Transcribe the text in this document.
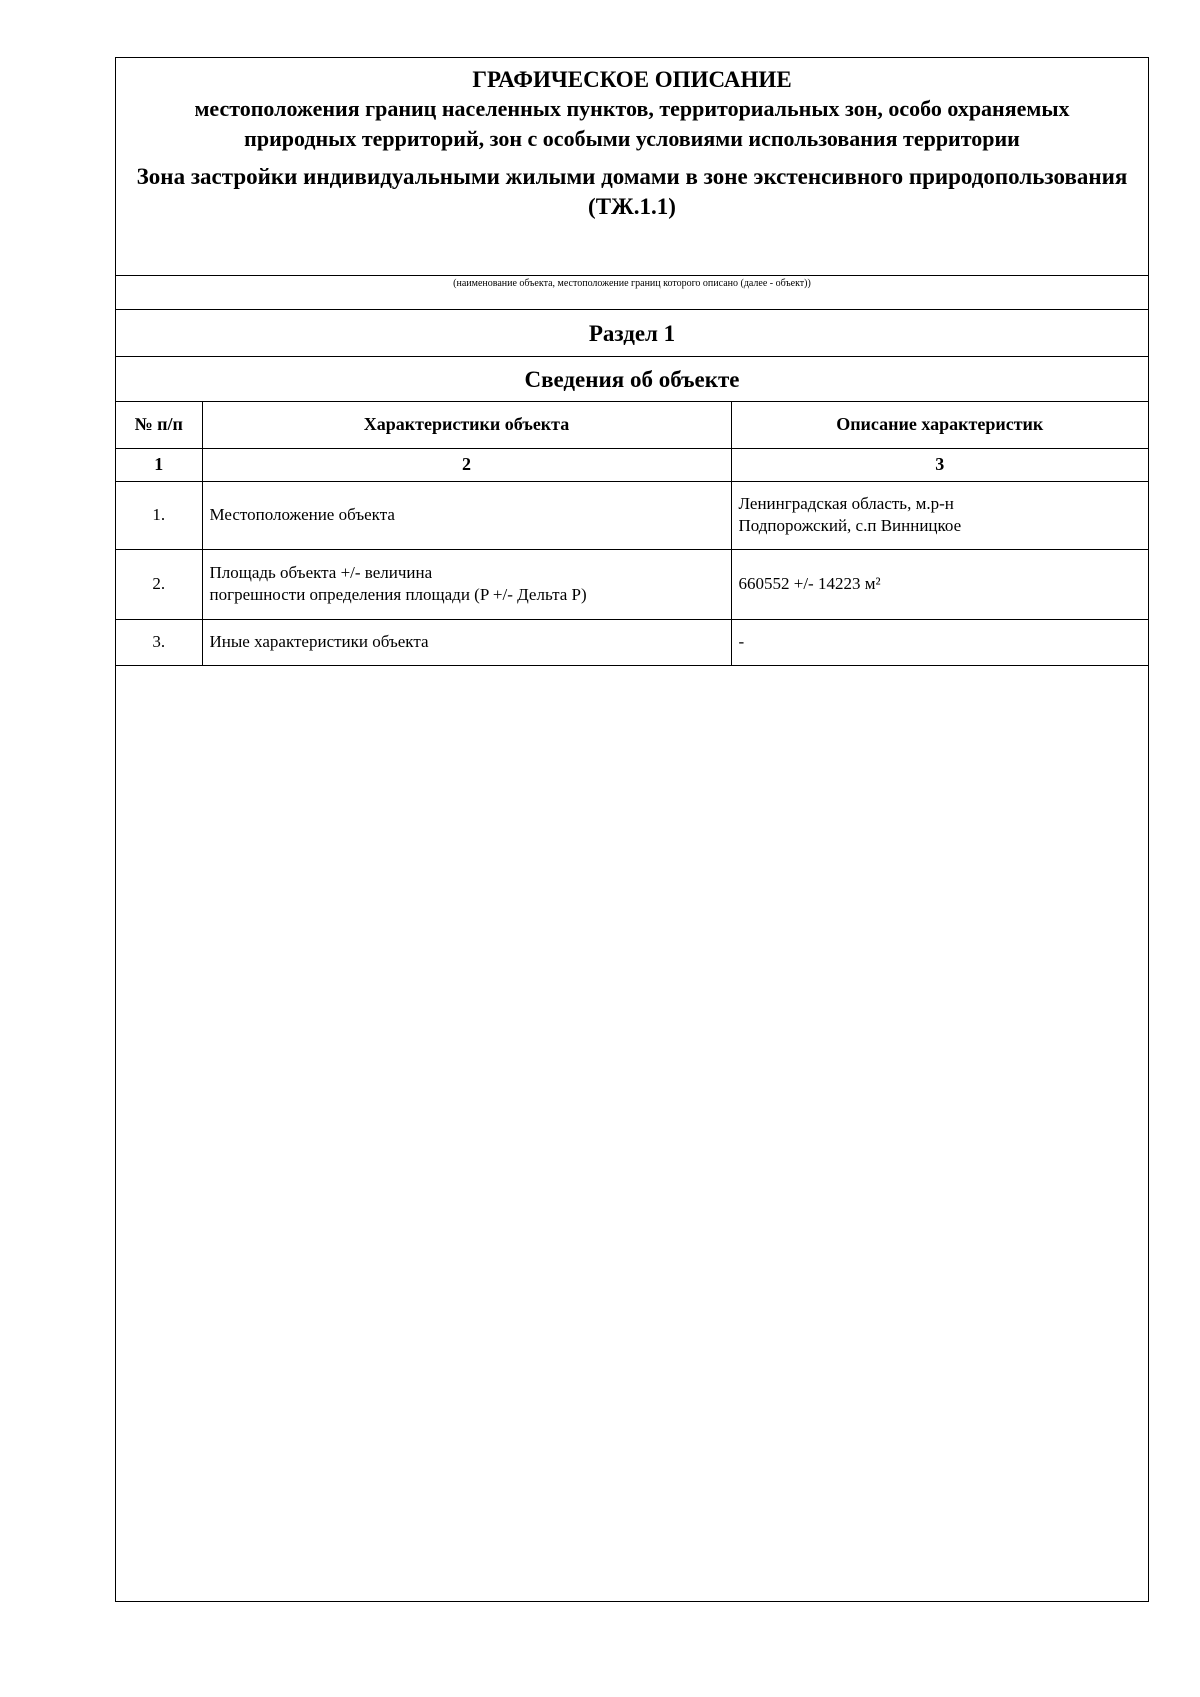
ГРАФИЧЕСКОЕ ОПИСАНИЕ
местоположения границ населенных пунктов, территориальных зон, особо охраняемых природных территорий, зон с особыми условиями использования территории
Зона застройки индивидуальными жилыми домами в зоне экстенсивного природопользования (ТЖ.1.1)
(наименование объекта, местоположение границ которого описано (далее - объект))
Раздел 1
Сведения об объекте
№ п/п	Характеристики объекта	Описание характеристик
1	2	3
1.	Местоположение объекта	Ленинградская область, м.р-н
Подпорожский, с.п Винницкое

2.	Площадь объекта +/- величина
погрешности определения площади (P +/- Дельта P)	660552 +/- 14223 м²
3.	Иные характеристики объекта	-
